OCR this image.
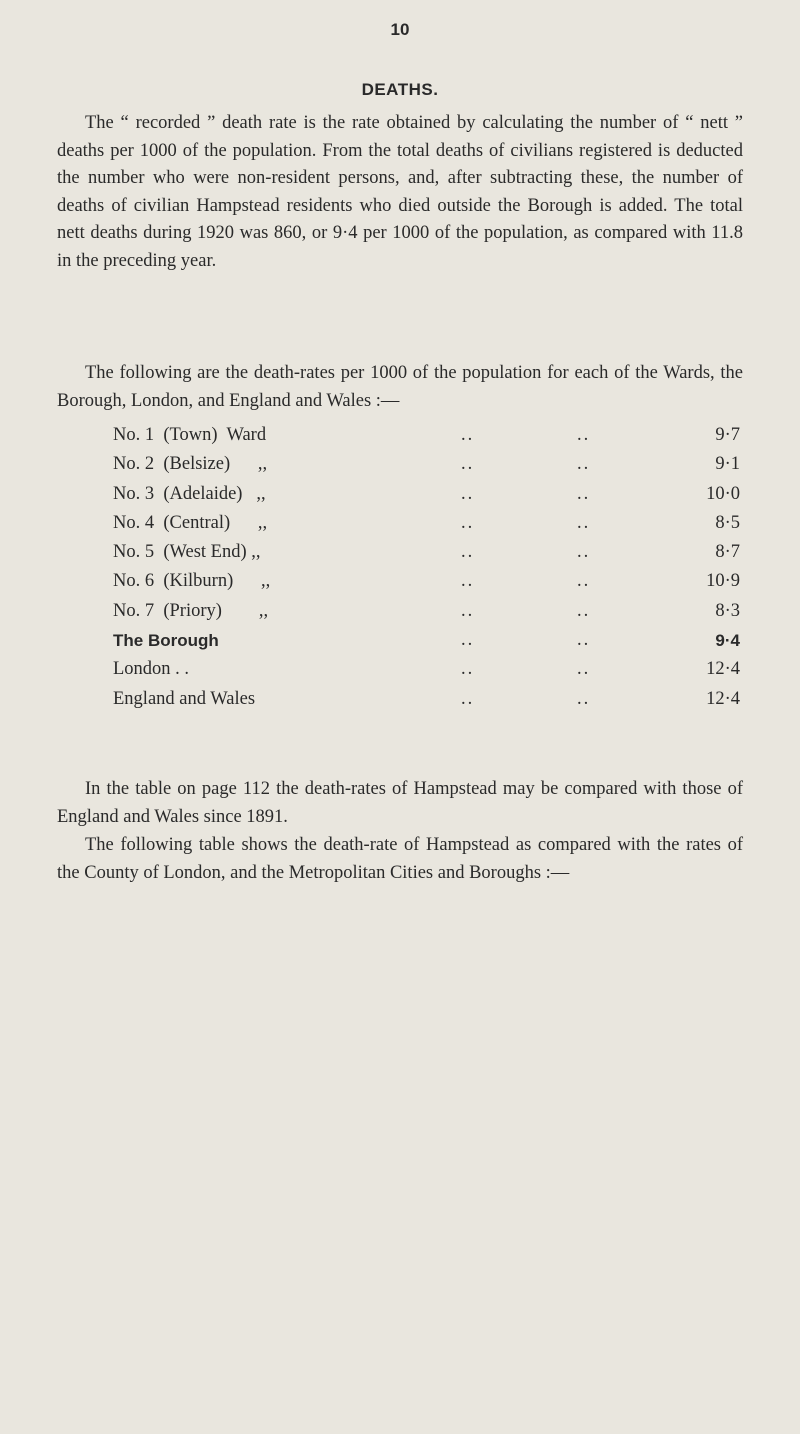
10
DEATHS.

The “ recorded ” death rate is the rate obtained by calculating the number of “ nett ” deaths per 1000 of the population. From the total deaths of civilians registered is deducted the number who were non-resident persons, and, after subtracting these, the number of deaths of civilian Hampstead residents who died outside the Borough is added. The total nett deaths during 1920 was 860, or 9·4 per 1000 of the population, as compared with 11.8 in the preceding year.

The following are the death-rates per 1000 of the population for each of the Wards, the Borough, London, and England and Wales :—

No. 1  (Town)  Ward	..	..	9·7
No. 2  (Belsize)      ,,	..	..	9·1
No. 3  (Adelaide)   ,,	..	..	10·0
No. 4  (Central)      ,,	..	..	8·5
No. 5  (West End) ,,	..	..	8·7
No. 6  (Kilburn)      ,,	..	..	10·9
No. 7  (Priory)        ,,	..	..	8·3
The Borough	..	..	9·4
London . .	..	..	12·4
England and Wales	..	..	12·4

In the table on page 112 the death-rates of Hampstead may be compared with those of England and Wales since 1891.

The following table shows the death-rate of Hampstead as compared with the rates of the County of London, and the Metropolitan Cities and Boroughs :—
